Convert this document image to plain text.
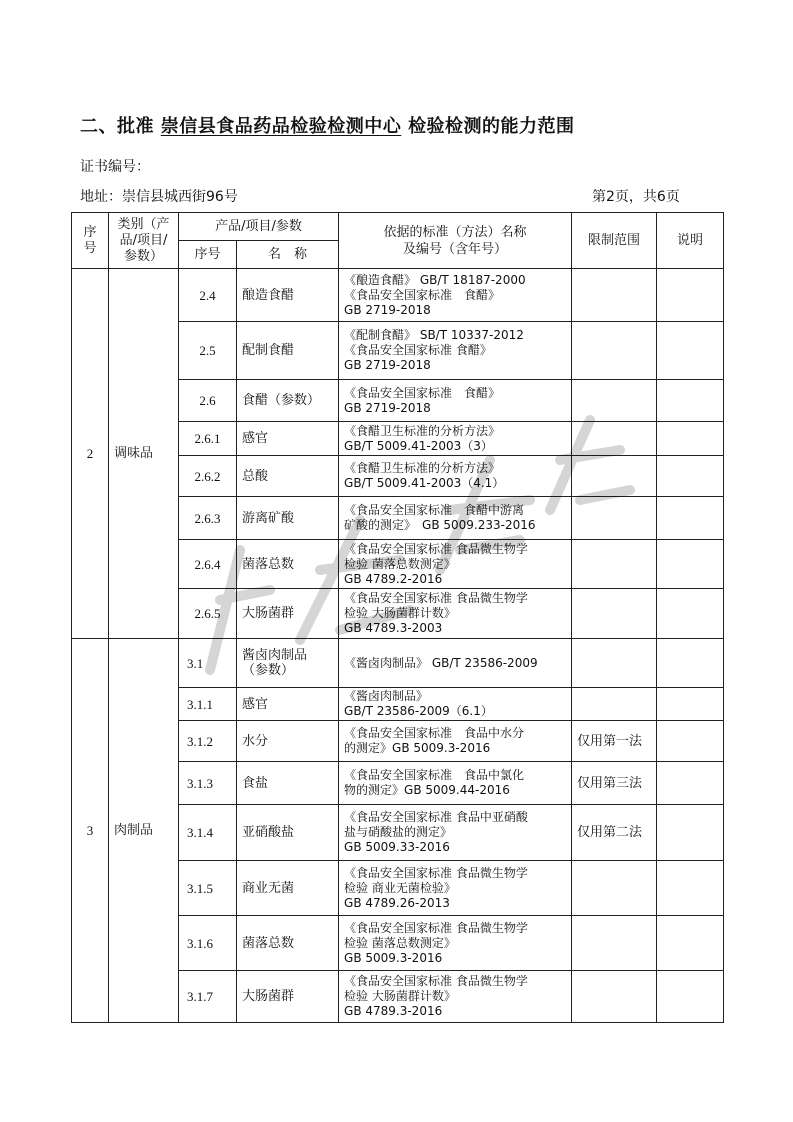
二、批准 崇信县食品药品检验检测中心 检验检测的能力范围
证书编号：
地址：崇信县城西街96号	第2页，共6页
序号	类别（产品/项目/参数）	产品/项目/参数		依据的标准（方法）名称及编号（含年号）	限制范围	说明
		序号	名　称			
2	调味品	2.4	酿造食醋	《酿造食醋》 GB/T 18187-2000
《食品安全国家标准　食醋》
GB 2719-2018		
		2.5	配制食醋	《配制食醋》 SB/T 10337-2012
《食品安全国家标准 食醋》
GB 2719-2018		
		2.6	食醋（参数）	《食品安全国家标准　食醋》
GB 2719-2018		
		2.6.1	感官	《食醋卫生标准的分析方法》
GB/T 5009.41-2003（3）		
		2.6.2	总酸	《食醋卫生标准的分析方法》
GB/T 5009.41-2003（4.1）		
		2.6.3	游离矿酸	《食品安全国家标准　食醋中游离
矿酸的测定》　GB 5009.233-2016		
		2.6.4	菌落总数	《食品安全国家标准 食品微生物学
检验 菌落总数测定》
GB 4789.2-2016		
		2.6.5	大肠菌群	《食品安全国家标准 食品微生物学
检验 大肠菌群计数》
GB 4789.3-2003		
3	肉制品	3.1	酱卤肉制品
（参数）	《酱卤肉制品》 GB/T 23586-2009		
		3.1.1	感官	《酱卤肉制品》
GB/T 23586-2009（6.1）		
		3.1.2	水分	《食品安全国家标准　食品中水分
的测定》GB 5009.3-2016	仅用第一法	
		3.1.3	食盐	《食品安全国家标准　食品中氯化
物的测定》GB 5009.44-2016	仅用第三法	
		3.1.4	亚硝酸盐	《食品安全国家标准 食品中亚硝酸
盐与硝酸盐的测定》
GB 5009.33-2016	仅用第二法	
		3.1.5	商业无菌	《食品安全国家标准 食品微生物学
检验 商业无菌检验》
GB 4789.26-2013		
		3.1.6	菌落总数	《食品安全国家标准 食品微生物学
检验 菌落总数测定》
GB 5009.3-2016		
		3.1.7	大肠菌群	《食品安全国家标准 食品微生物学
检验 大肠菌群计数》
GB 4789.3-2016		
